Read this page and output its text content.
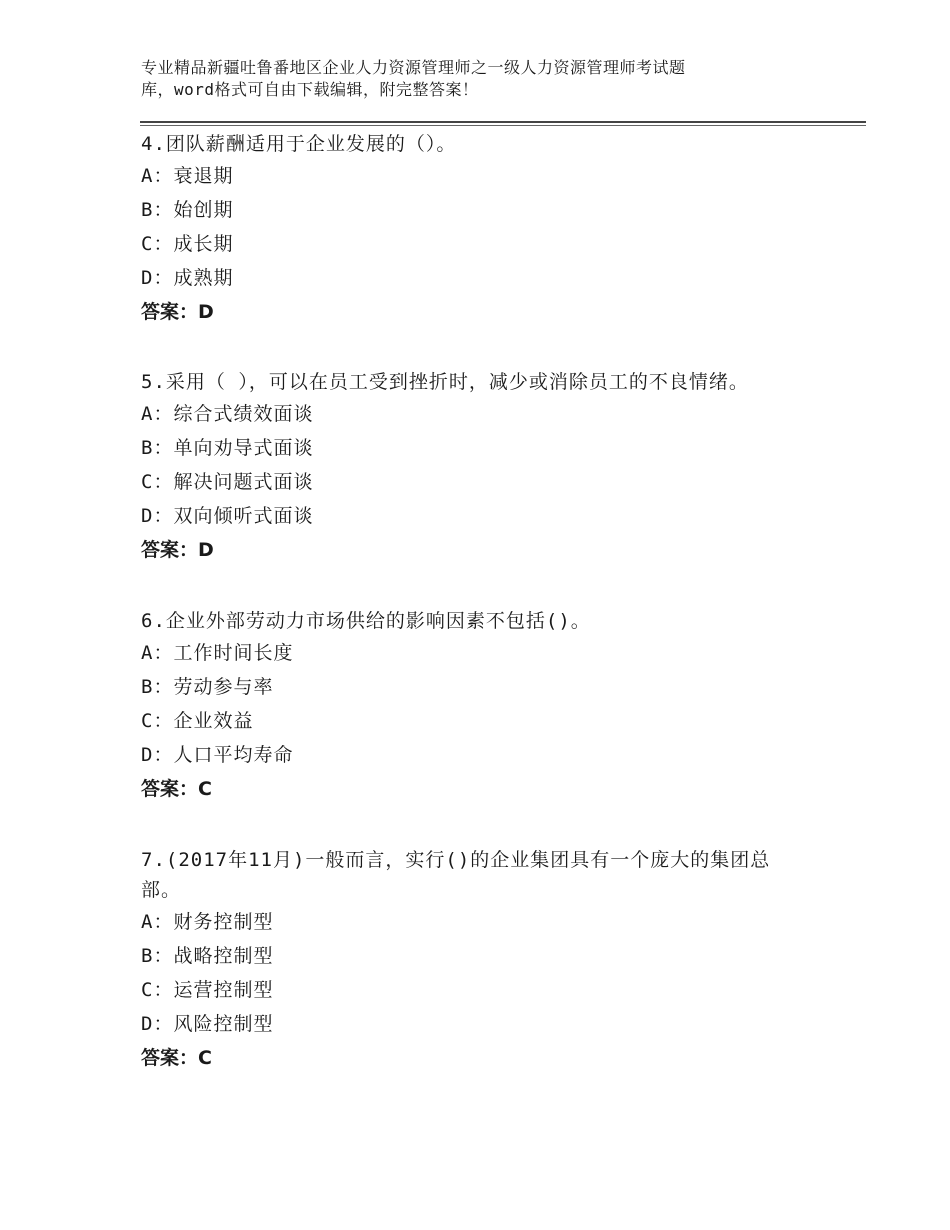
专业精品新疆吐鲁番地区企业人力资源管理师之一级人力资源管理师考试题
库，word格式可自由下载编辑，附完整答案！

4.团队薪酬适用于企业发展的（）。

A：衰退期

B：始创期

C：成长期

D：成熟期

答案：D

5.采用（ ），可以在员工受到挫折时，减少或消除员工的不良情绪。

A：综合式绩效面谈

B：单向劝导式面谈

C：解决问题式面谈

D：双向倾听式面谈

答案：D

6.企业外部劳动力市场供给的影响因素不包括()。

A：工作时间长度

B：劳动参与率

C：企业效益

D：人口平均寿命

答案：C

7.(2017年11月)一般而言，实行()的企业集团具有一个庞大的集团总

部。

A：财务控制型

B：战略控制型

C：运营控制型

D：风险控制型

答案：C
